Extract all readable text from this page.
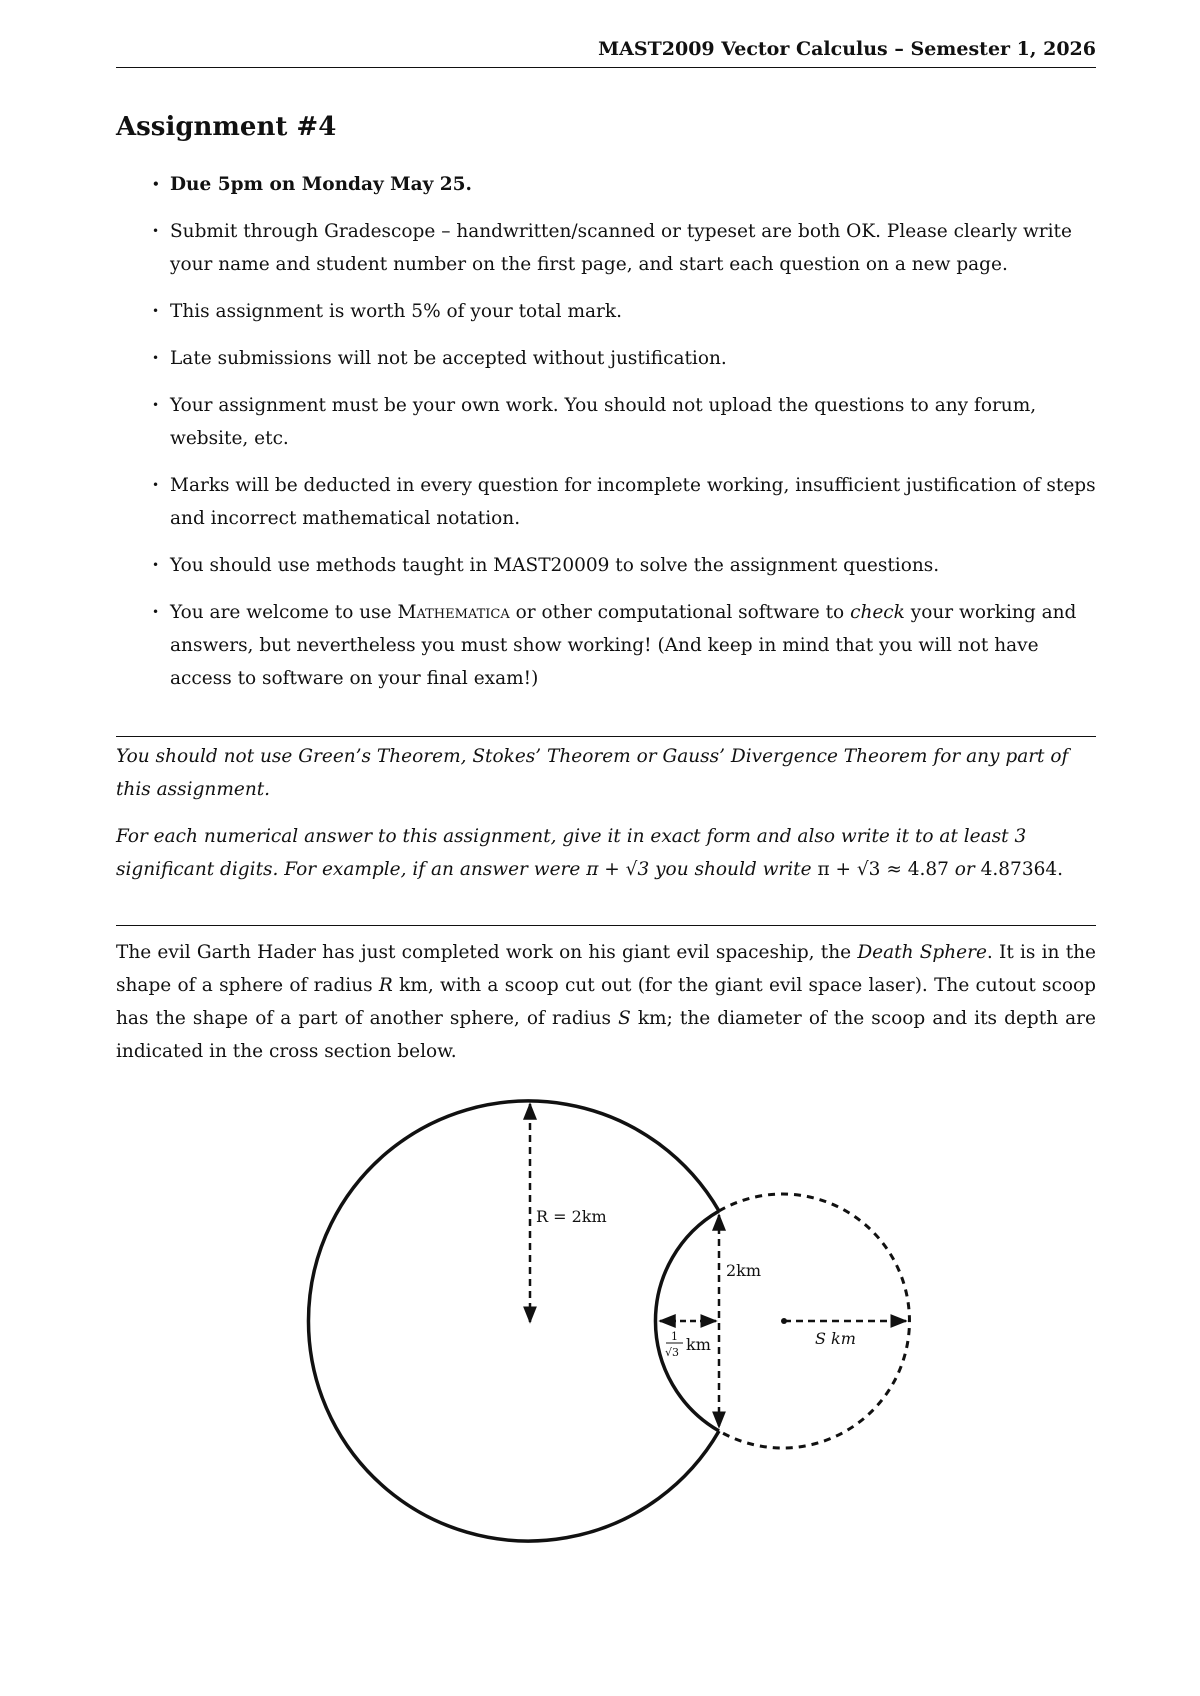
MAST2009 Vector Calculus – Semester 1, 2026
Assignment #4
• Due 5pm on Monday May 25.
• Submit through Gradescope – handwritten/scanned or typeset are both OK. Please clearly write your name and student number on the first page, and start each question on a new page.
• This assignment is worth 5% of your total mark.
• Late submissions will not be accepted without justification.
• Your assignment must be your own work. You should not upload the questions to any forum, website, etc.
• Marks will be deducted in every question for incomplete working, insufficient justification of steps and incorrect mathematical notation.
• You should use methods taught in MAST20009 to solve the assignment questions.
• You are welcome to use Mathematica or other computational software to check your working and answers, but nevertheless you must show working! (And keep in mind that you will not have access to software on your final exam!)

You should not use Green’s Theorem, Stokes’ Theorem or Gauss’ Divergence Theorem for any part of this assignment.

For each numerical answer to this assignment, give it in exact form and also write it to at least 3 significant digits. For example, if an answer were π + √3 you should write π + √3 ≈ 4.87 or 4.87364.

The evil Garth Hader has just completed work on his giant evil spaceship, the Death Sphere. It is in the shape of a sphere of radius R km, with a scoop cut out (for the giant evil space laser). The cutout scoop has the shape of a part of another sphere, of radius S km; the diameter of the scoop and its depth are indicated in the cross section below.

R = 2km
2km
1
√3 km	S km
